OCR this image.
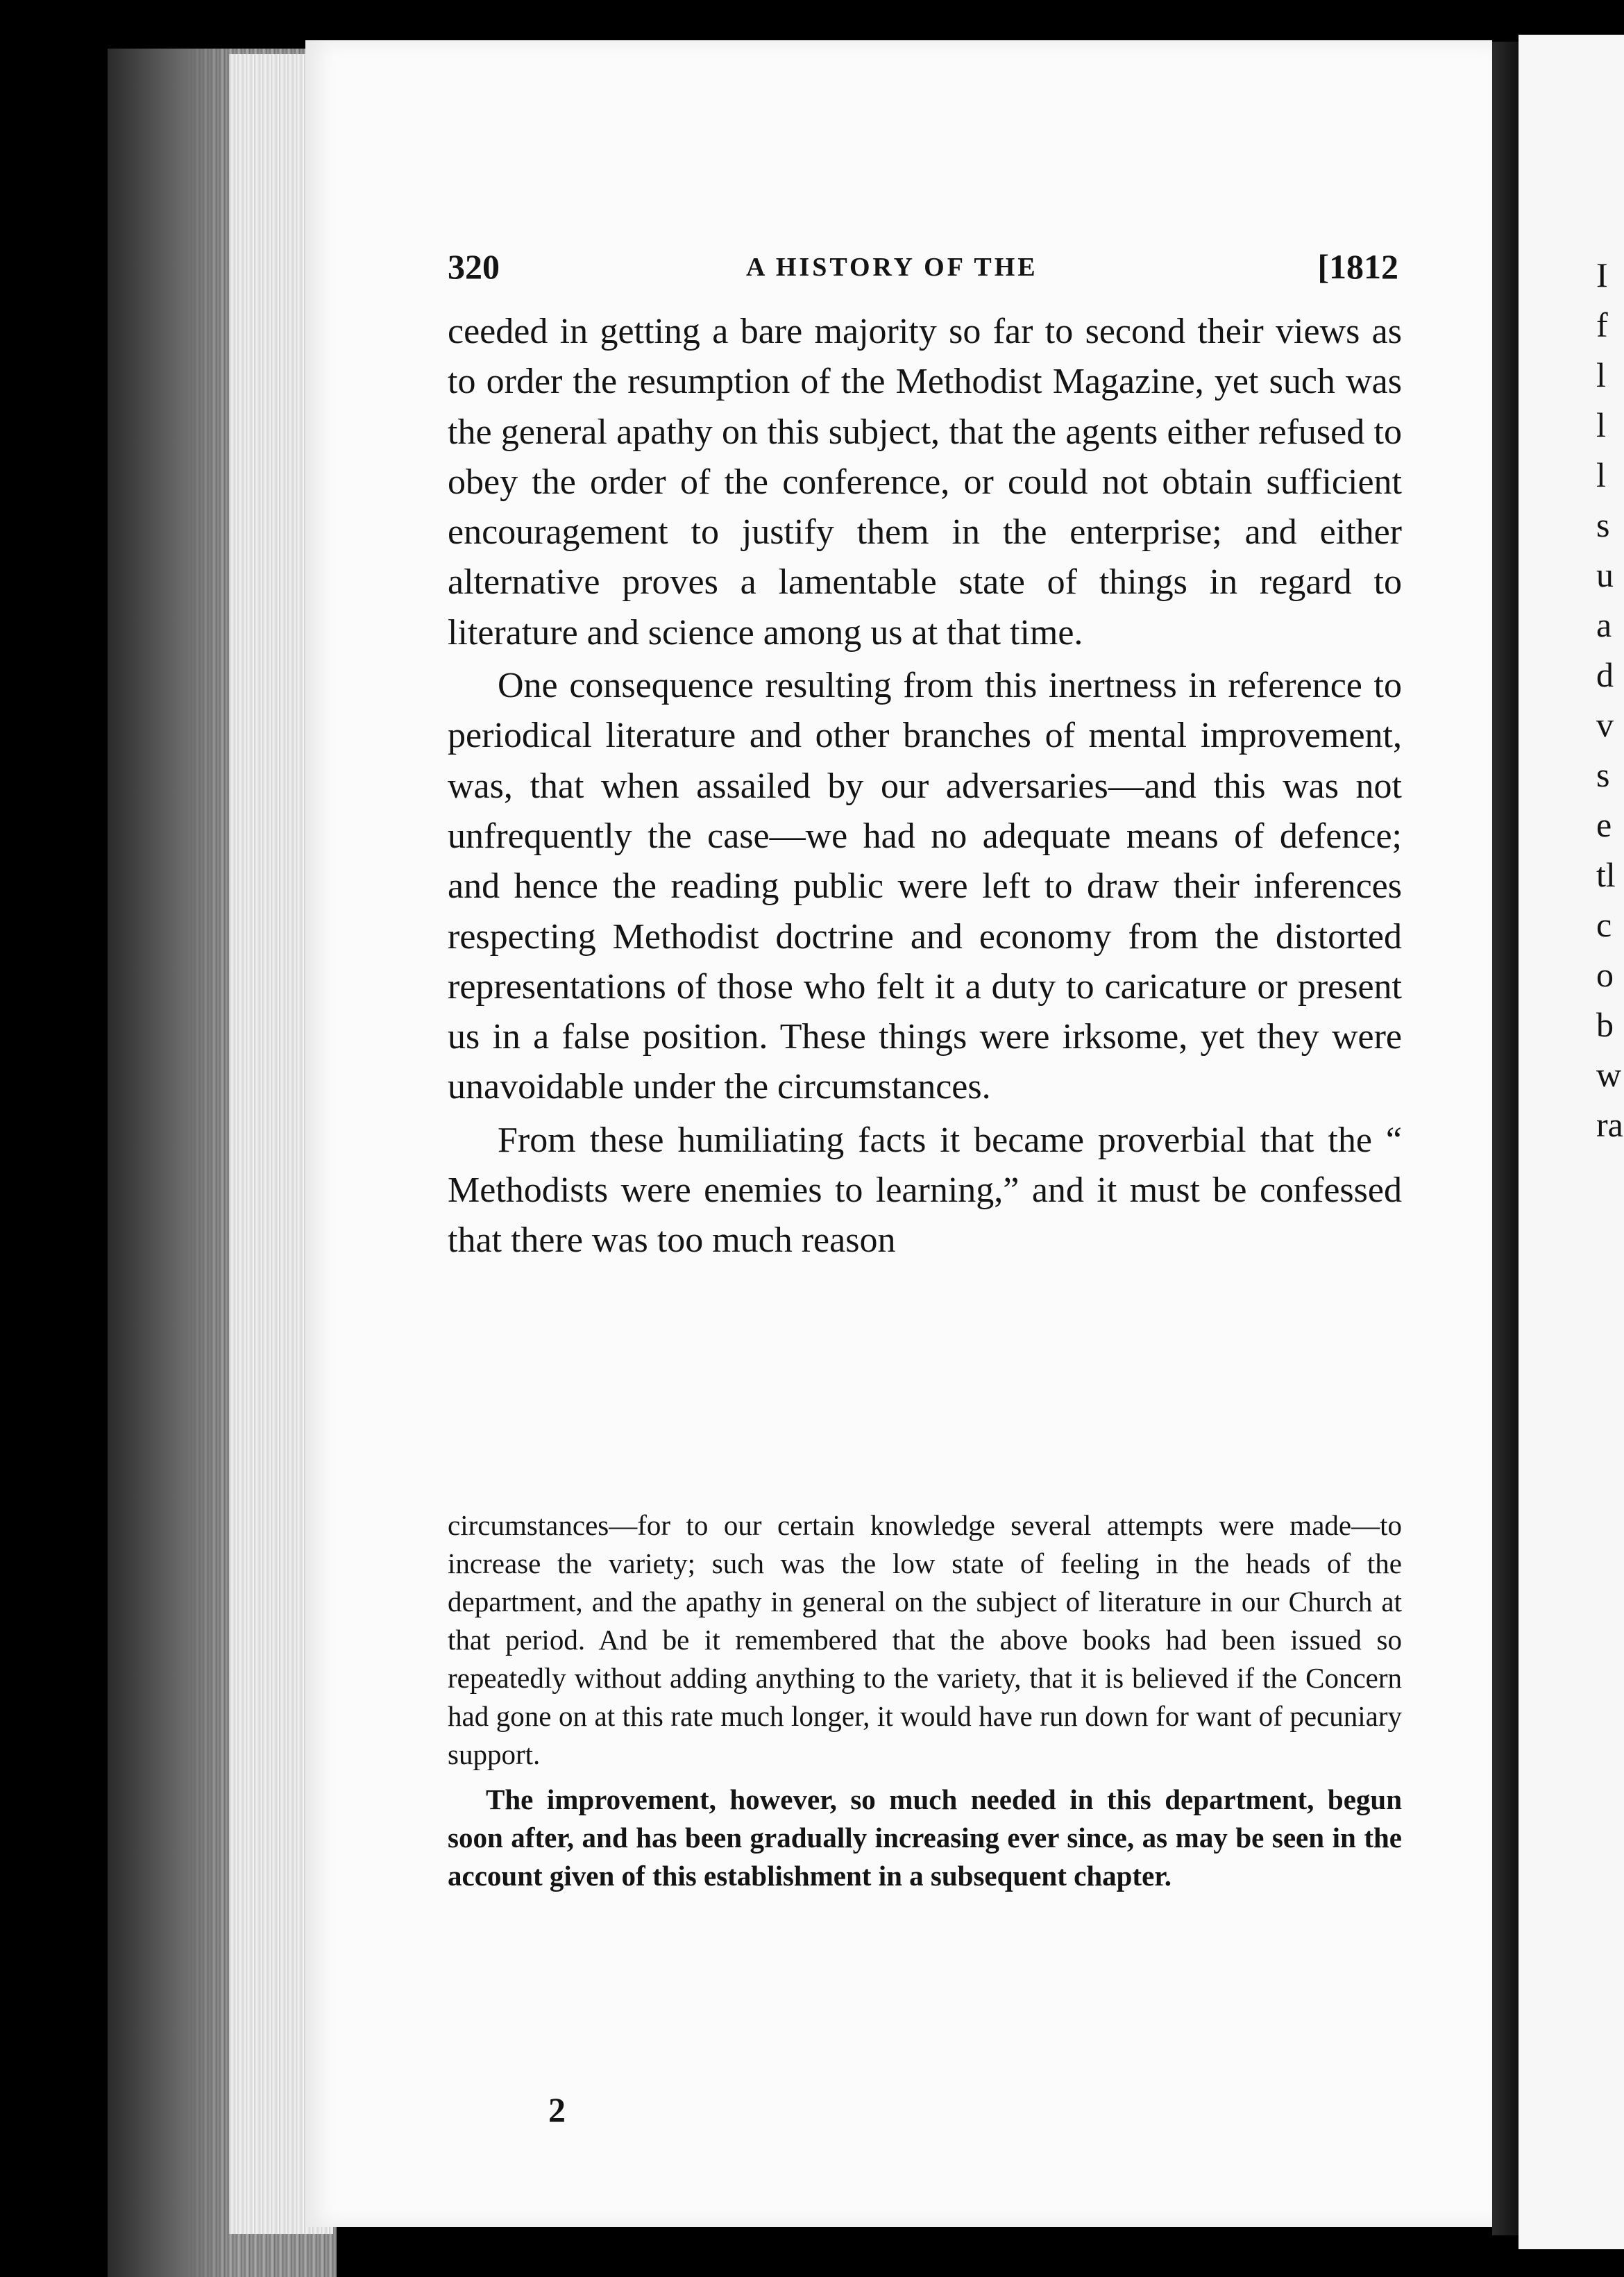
I
f
l
l
l
s
u
a
d
v
s
e
tl
c
o
b
w
ra
320	A HISTORY OF THE	[1812

ceeded in getting a bare majority so far to second their views as to order the resumption of the Methodist Magazine, yet such was the general apathy on this subject, that the agents either refused to obey the order of the conference, or could not obtain sufficient encouragement to justify them in the enterprise; and either alternative proves a lamentable state of things in regard to literature and science among us at that time.

One consequence resulting from this inertness in reference to periodical literature and other branches of mental improvement, was, that when assailed by our adversaries—and this was not unfrequently the case—we had no adequate means of defence; and hence the reading public were left to draw their inferences respecting Methodist doctrine and economy from the distorted representations of those who felt it a duty to caricature or present us in a false position. These things were irksome, yet they were unavoidable under the circumstances.

From these humiliating facts it became proverbial that the “ Methodists were enemies to learning,” and it must be confessed that there was too much reason

circumstances—for to our certain knowledge several attempts were made—to increase the variety; such was the low state of feeling in the heads of the department, and the apathy in general on the subject of literature in our Church at that period. And be it remembered that the above books had been issued so repeatedly without adding anything to the variety, that it is believed if the Concern had gone on at this rate much longer, it would have run down for want of pecuniary support.

The improvement, however, so much needed in this department, begun soon after, and has been gradually increasing ever since, as may be seen in the account given of this establishment in a subsequent chapter.

2
